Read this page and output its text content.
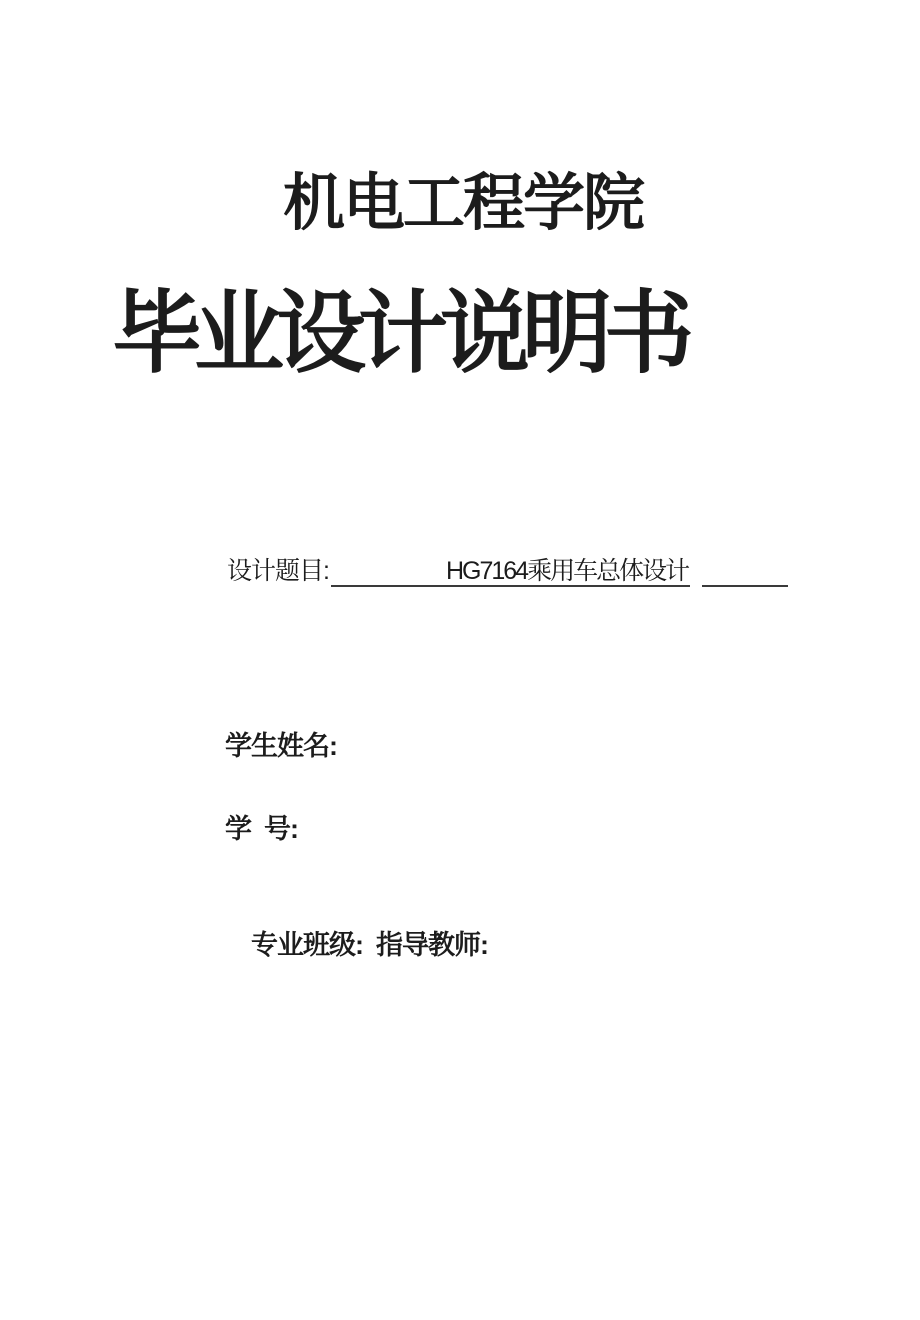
机电工程学院
毕业设计说明书
设计题目:	HG7164乘用车总体设计
学生姓名:
学  号:

专业班级: 指导教师:
